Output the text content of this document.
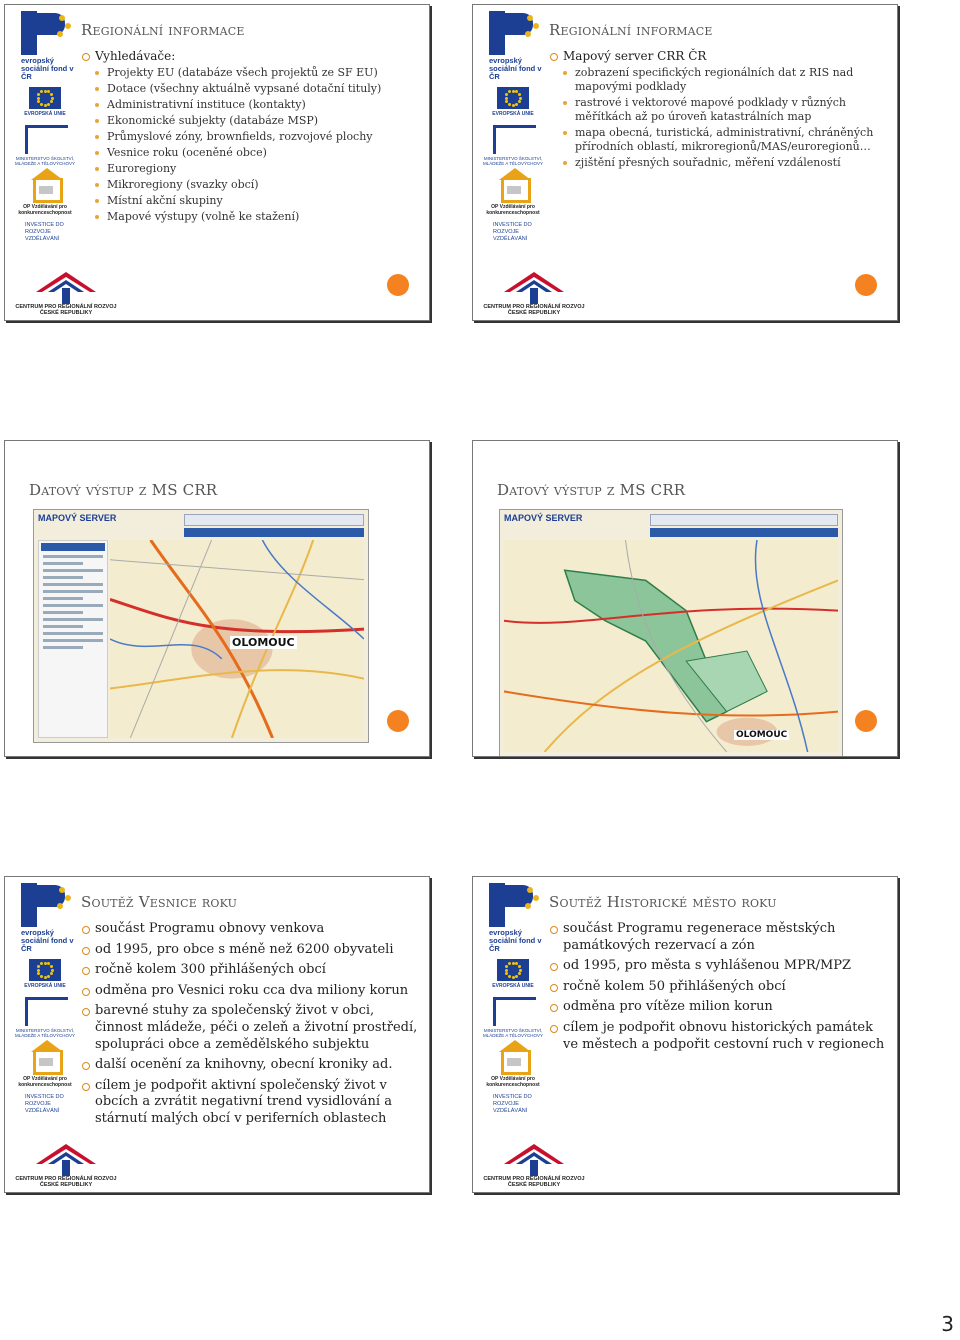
evropský sociální fond v ČR
EVROPSKÁ UNIE
MINISTERSTVO ŠKOLSTVÍ, MLÁDEŽE A TĚLOVÝCHOVY
OP Vzdělávání pro konkurenceschopnost
INVESTICE DO ROZVOJE VZDĚLÁVÁNÍ
Regionální informace
Vyhledávače:
Projekty EU (databáze všech projektů ze SF EU)
Dotace (všechny aktuálně vypsané dotační tituly)
Administrativní instituce (kontakty)
Ekonomické subjekty (databáze MSP)
Průmyslové zóny, brownfields, rozvojové plochy
Vesnice roku (oceněné obce)
Euroregiony
Mikroregiony (svazky obcí)
Místní akční skupiny
Mapové výstupy (volně ke stažení)
CENTRUM PRO REGIONÁLNÍ ROZVOJ
ČESKÉ REPUBLIKY
evropský sociální fond v ČR
EVROPSKÁ UNIE
MINISTERSTVO ŠKOLSTVÍ, MLÁDEŽE A TĚLOVÝCHOVY
OP Vzdělávání pro konkurenceschopnost
INVESTICE DO ROZVOJE VZDĚLÁVÁNÍ
Regionální informace
Mapový server CRR ČR
zobrazení specifických regionálních dat z RIS nad mapovými podklady
rastrové i vektorové mapové podklady v různých měřítkách až po úroveň katastrálních map
mapa obecná, turistická, administrativní, chráněných přírodních oblastí, mikroregionů/MAS/euroregionů…
zjištění přesných souřadnic, měření vzdáleností
CENTRUM PRO REGIONÁLNÍ ROZVOJ
ČESKÉ REPUBLIKY
Datový výstup z MS CRR
MAPOVÝ SERVER
OLOMOUC
Datový výstup z MS CRR
MAPOVÝ SERVER
OLOMOUC
evropský sociální fond v ČR
EVROPSKÁ UNIE
MINISTERSTVO ŠKOLSTVÍ, MLÁDEŽE A TĚLOVÝCHOVY
OP Vzdělávání pro konkurenceschopnost
INVESTICE DO ROZVOJE VZDĚLÁVÁNÍ
Soutěž Vesnice roku
součást Programu obnovy venkova
od 1995, pro obce s méně než 6200 obyvateli
ročně kolem 300 přihlášených obcí
odměna pro Vesnici roku cca dva miliony korun
barevné stuhy za společenský život v obci, činnost mládeže, péči o zeleň a životní prostředí, spolupráci obce a zemědělského subjektu
další ocenění za knihovny, obecní kroniky ad.
cílem je podpořit aktivní společenský život v obcích a zvrátit negativní trend vysidlování a stárnutí malých obcí v periferních oblastech
CENTRUM PRO REGIONÁLNÍ ROZVOJ
ČESKÉ REPUBLIKY
evropský sociální fond v ČR
EVROPSKÁ UNIE
MINISTERSTVO ŠKOLSTVÍ, MLÁDEŽE A TĚLOVÝCHOVY
OP Vzdělávání pro konkurenceschopnost
INVESTICE DO ROZVOJE VZDĚLÁVÁNÍ
Soutěž Historické město roku
součást Programu regenerace městských památkových rezervací a zón
od 1995, pro města s vyhlášenou MPR/MPZ
ročně kolem 50 přihlášených obcí
odměna pro vítěze milion korun
cílem je podpořit obnovu historických památek ve městech a podpořit cestovní ruch v regionech
CENTRUM PRO REGIONÁLNÍ ROZVOJ
ČESKÉ REPUBLIKY
3
